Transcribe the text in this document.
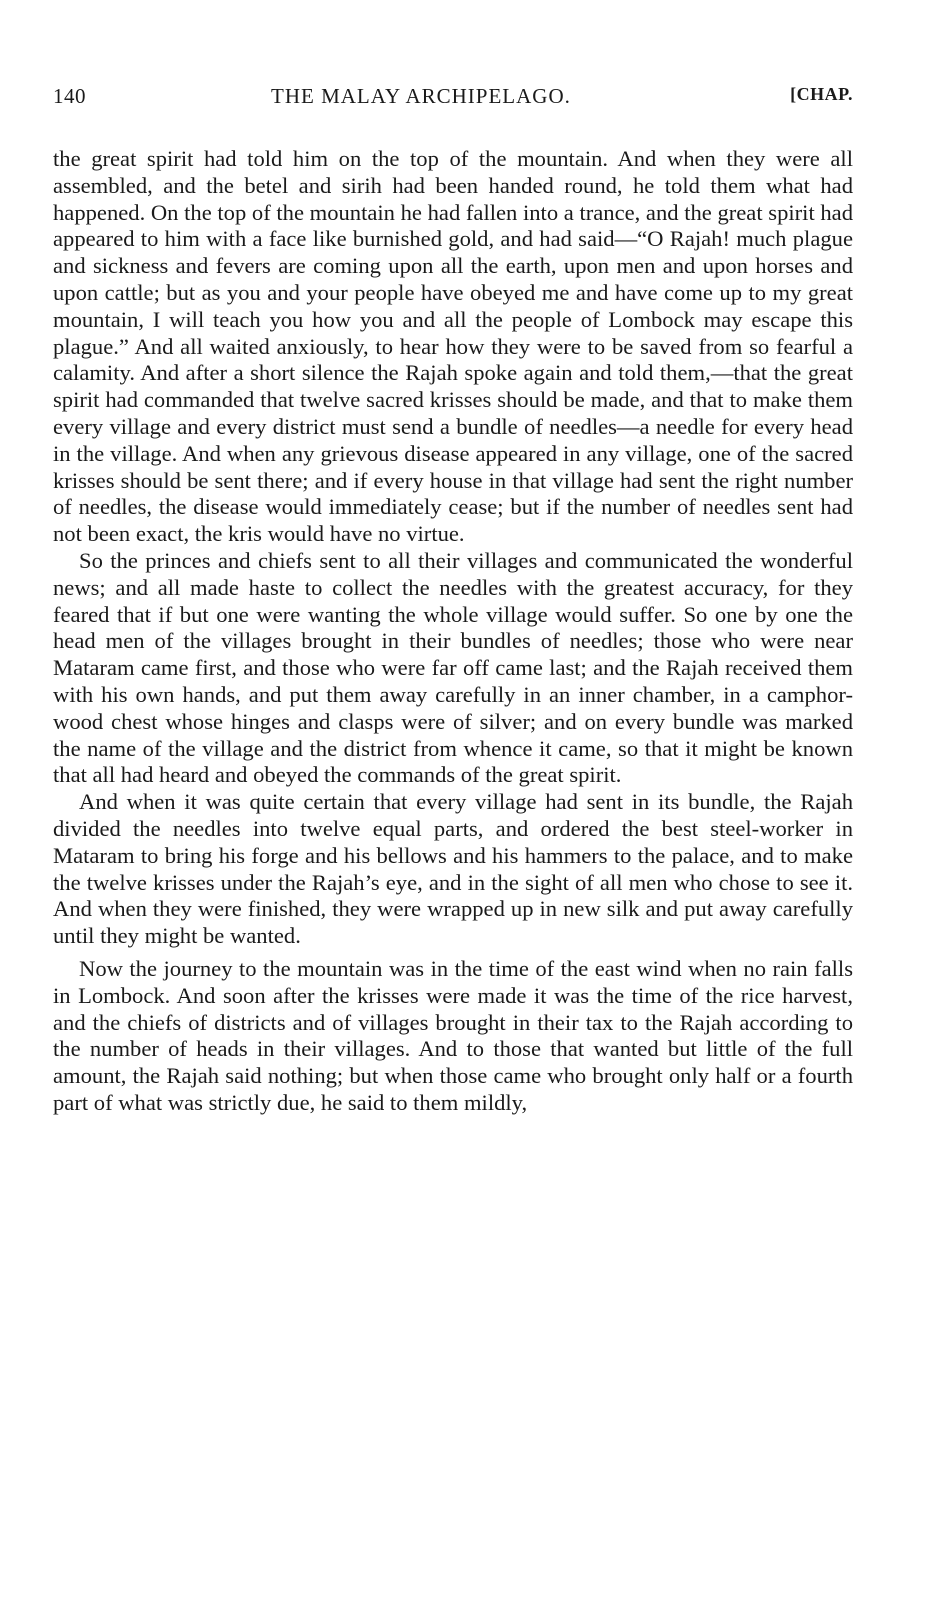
140	THE MALAY ARCHIPELAGO.	[CHAP.

the great spirit had told him on the top of the mountain. And when they were all assembled, and the betel and sirih had been handed round, he told them what had happened. On the top of the mountain he had fallen into a trance, and the great spirit had appeared to him with a face like burnished gold, and had said—“O Rajah! much plague and sickness and fevers are coming upon all the earth, upon men and upon horses and upon cattle; but as you and your people have obeyed me and have come up to my great mountain, I will teach you how you and all the people of Lombock may escape this plague.” And all waited anxiously, to hear how they were to be saved from so fearful a calamity. And after a short silence the Rajah spoke again and told them,—that the great spirit had commanded that twelve sacred krisses should be made, and that to make them every village and every district must send a bundle of needles—a needle for every head in the village. And when any grievous disease appeared in any village, one of the sacred krisses should be sent there; and if every house in that village had sent the right number of needles, the disease would immediately cease; but if the number of needles sent had not been exact, the kris would have no virtue.

So the princes and chiefs sent to all their villages and communicated the wonderful news; and all made haste to collect the needles with the greatest accuracy, for they feared that if but one were wanting the whole village would suffer. So one by one the head men of the villages brought in their bundles of needles; those who were near Mataram came first, and those who were far off came last; and the Rajah received them with his own hands, and put them away carefully in an inner chamber, in a camphor-wood chest whose hinges and clasps were of silver; and on every bundle was marked the name of the village and the district from whence it came, so that it might be known that all had heard and obeyed the commands of the great spirit.

And when it was quite certain that every village had sent in its bundle, the Rajah divided the needles into twelve equal parts, and ordered the best steel-worker in Mataram to bring his forge and his bellows and his hammers to the palace, and to make the twelve krisses under the Rajah’s eye, and in the sight of all men who chose to see it. And when they were finished, they were wrapped up in new silk and put away carefully until they might be wanted.

Now the journey to the mountain was in the time of the east wind when no rain falls in Lombock. And soon after the krisses were made it was the time of the rice harvest, and the chiefs of districts and of villages brought in their tax to the Rajah according to the number of heads in their villages. And to those that wanted but little of the full amount, the Rajah said nothing; but when those came who brought only half or a fourth part of what was strictly due, he said to them mildly,
